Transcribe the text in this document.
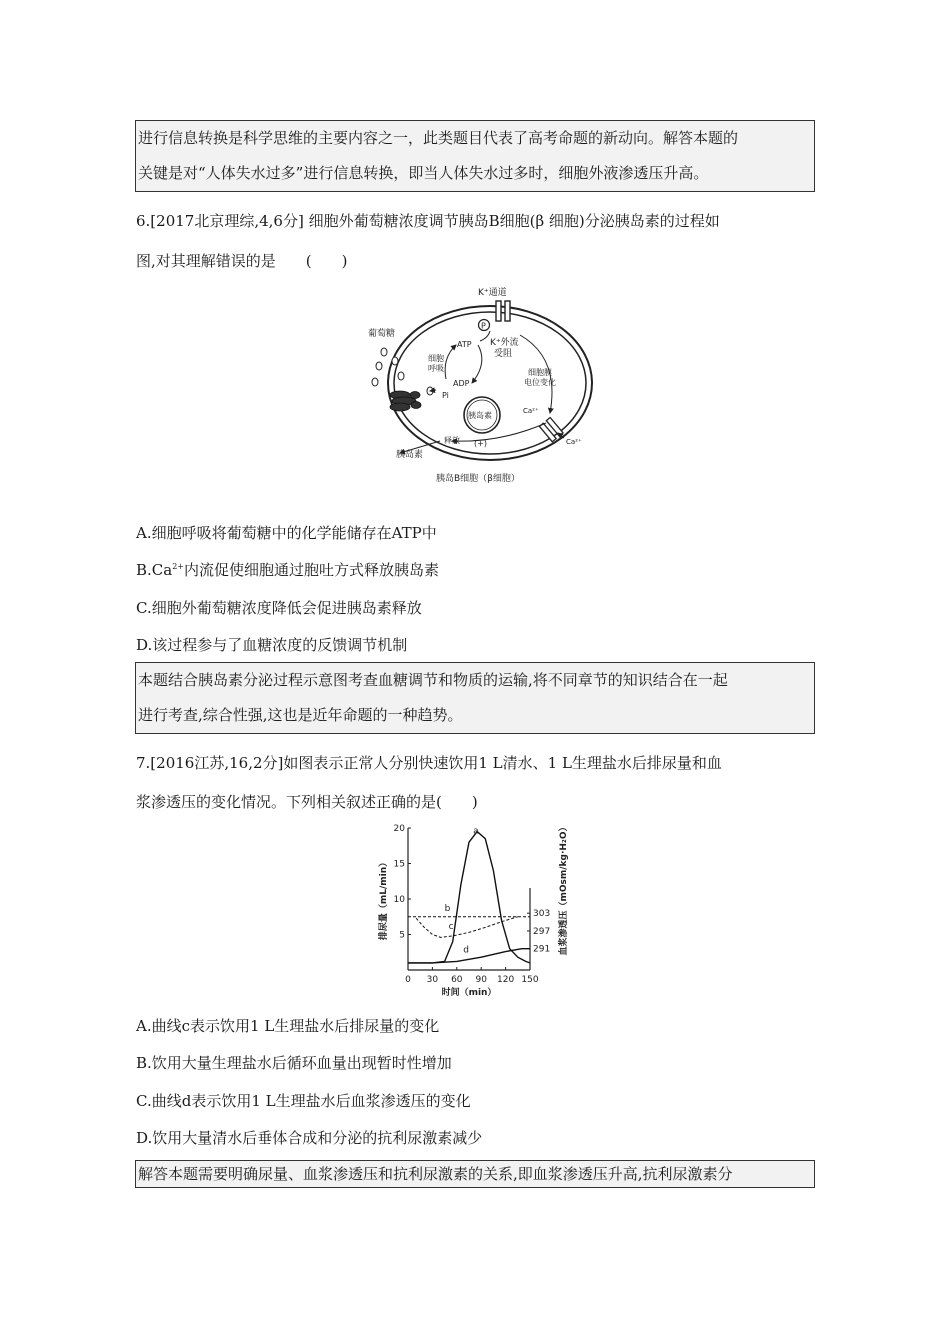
进行信息转换是科学思维的主要内容之一，此类题目代表了高考命题的新动向。解答本题的
关键是对“人体失水过多”进行信息转换，即当人体失水过多时，细胞外液渗透压升高。
6.[2017北京理综,4,6分] 细胞外葡萄糖浓度调节胰岛B细胞(β 细胞)分泌胰岛素的过程如
图,对其理解错误的是　　(　　)
K⁺通道
P
葡萄糖
细胞
呼吸
ATP
ADP
Pi
K⁺外流
受阻
细胞膜
电位变化
Ca²⁺
Ca²⁺
胰岛素
(+)
释放
胰岛素
胰岛B细胞（β细胞）
A.细胞呼吸将葡萄糖中的化学能储存在ATP中
$B.Ca^{2+}$内流促使细胞通过胞吐方式释放胰岛素
C.细胞外葡萄糖浓度降低会促进胰岛素释放
D.该过程参与了血糖浓度的反馈调节机制
本题结合胰岛素分泌过程示意图考查血糖调节和物质的运输,将不同章节的知识结合在一起
进行考查,综合性强,这也是近年命题的一种趋势。
7.[2016江苏,16,2分]如图表示正常人分别快速饮用1 L清水、1 L生理盐水后排尿量和血
浆渗透压的变化情况。下列相关叙述正确的是(　　)
0 30 60 90 120 150
5
10
15
20
303
297
291
a
b
c
d
时间（min）
排尿量（mL/min）	血浆渗透压（mOsm/kg·H₂O）
A.曲线c表示饮用1 L生理盐水后排尿量的变化
B.饮用大量生理盐水后循环血量出现暂时性增加
C.曲线d表示饮用1 L生理盐水后血浆渗透压的变化
D.饮用大量清水后垂体合成和分泌的抗利尿激素减少
解答本题需要明确尿量、血浆渗透压和抗利尿激素的关系,即血浆渗透压升高,抗利尿激素分
